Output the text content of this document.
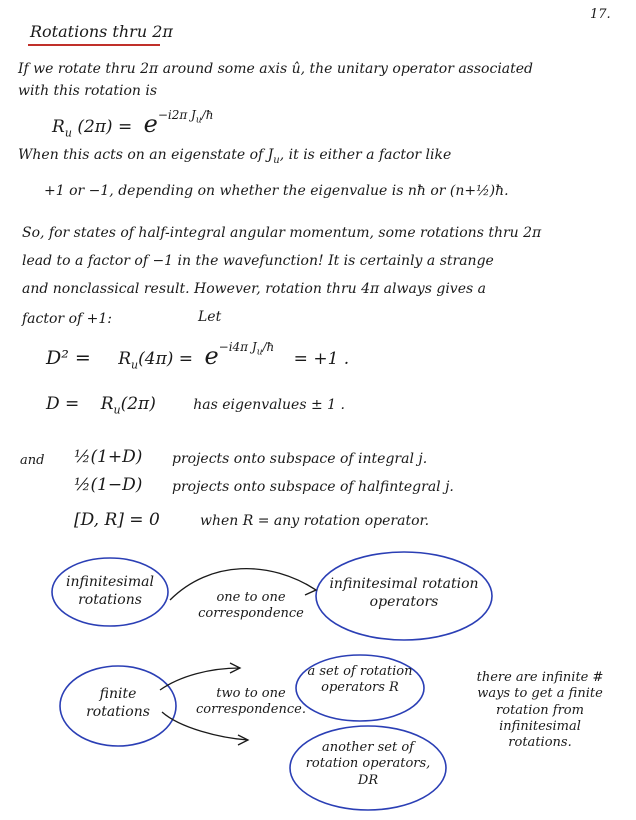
17.
Rotations thru 2π
If we rotate thru 2π around some axis û, the unitary operator associated
with this rotation is
$R_u$ $(2\pi) = e^{-i2\pi J_u/ħ}$
When this acts on an eigenstate of $J_u$, it is either a factor like
+1 or −1, depending on whether the eigenvalue is nħ or (n+½)ħ.
So, for states of half-integral angular momentum, some rotations thru 2π
lead to a factor of −1 in the wavefunction! It is certainly a strange
and nonclassical result. However, rotation thru 4π always gives a
factor of +1:	Let
$D^2 = R_u(4\pi) = e^{-i4\pi J_u/ħ} = +1$ .
$D = R_u(2\pi)$	has eigenvalues ± 1 .
and ½(1+D) projects onto subspace of integral j.
½(1−D) projects onto subspace of halfintegral j.
[D, R] = 0	when R = any rotation operator.
infinitesimal rotations	one to one correspondence
infinitesimal rotation operators
finite rotations
two to one correspondence.
a set of rotation operators R
another set of rotation operators, DR
there are infinite # ways to get a finite rotation from infinitesimal rotations.
